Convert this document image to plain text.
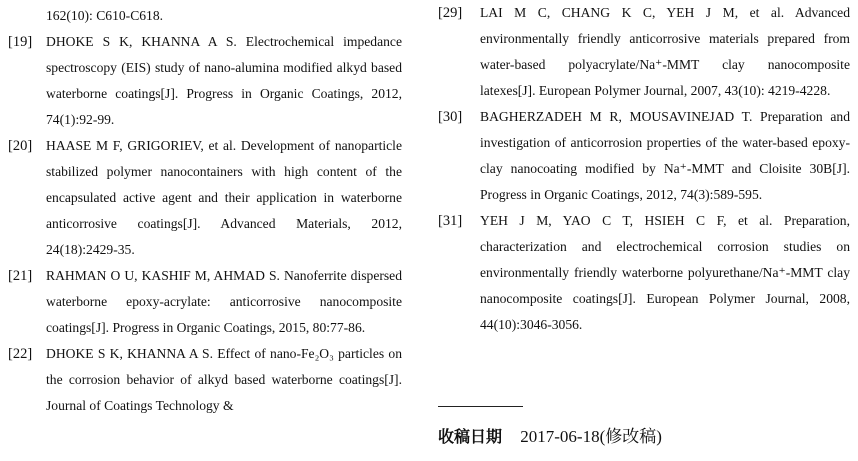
162(10): C610-C618.
[19] DHOKE S K, KHANNA A S. Electrochemical impedance spectroscopy (EIS) study of nano-alumina modified alkyd based waterborne coatings[J]. Progress in Organic Coatings, 2012, 74(1):92-99.
[20] HAASE M F, GRIGORIEV, et al. Development of nanoparticle stabilized polymer nanocontainers with high content of the encapsulated active agent and their application in waterborne anticorrosive coatings[J]. Advanced Materials, 2012, 24(18):2429-35.
[21] RAHMAN O U, KASHIF M, AHMAD S. Nanoferrite dispersed waterborne epoxy-acrylate: anticorrosive nanocomposite coatings[J]. Progress in Organic Coatings, 2015, 80:77-86.
[22] DHOKE S K, KHANNA A S. Effect of nano-Fe₂O₃ particles on the corrosion behavior of alkyd based waterborne coatings[J]. Journal of Coatings Technology &
[29] LAI M C, CHANG K C, YEH J M, et al. Advanced environmentally friendly anticorrosive materials prepared from water-based polyacrylate/Na⁺-MMT clay nanocomposite latexes[J]. European Polymer Journal, 2007, 43(10): 4219-4228.
[30] BAGHERZADEH M R, MOUSAVINEJAD T. Preparation and investigation of anticorrosion properties of the water-based epoxy-clay nanocoating modified by Na⁺-MMT and Cloisite 30B[J]. Progress in Organic Coatings, 2012, 74(3):589-595.
[31] YEH J M, YAO C T, HSIEH C F, et al. Preparation, characterization and electrochemical corrosion studies on environmentally friendly waterborne polyurethane/Na⁺-MMT clay nanocomposite coatings[J]. European Polymer Journal, 2008, 44(10):3046-3056.
收稿日期 2017-06-18(修改稿)
